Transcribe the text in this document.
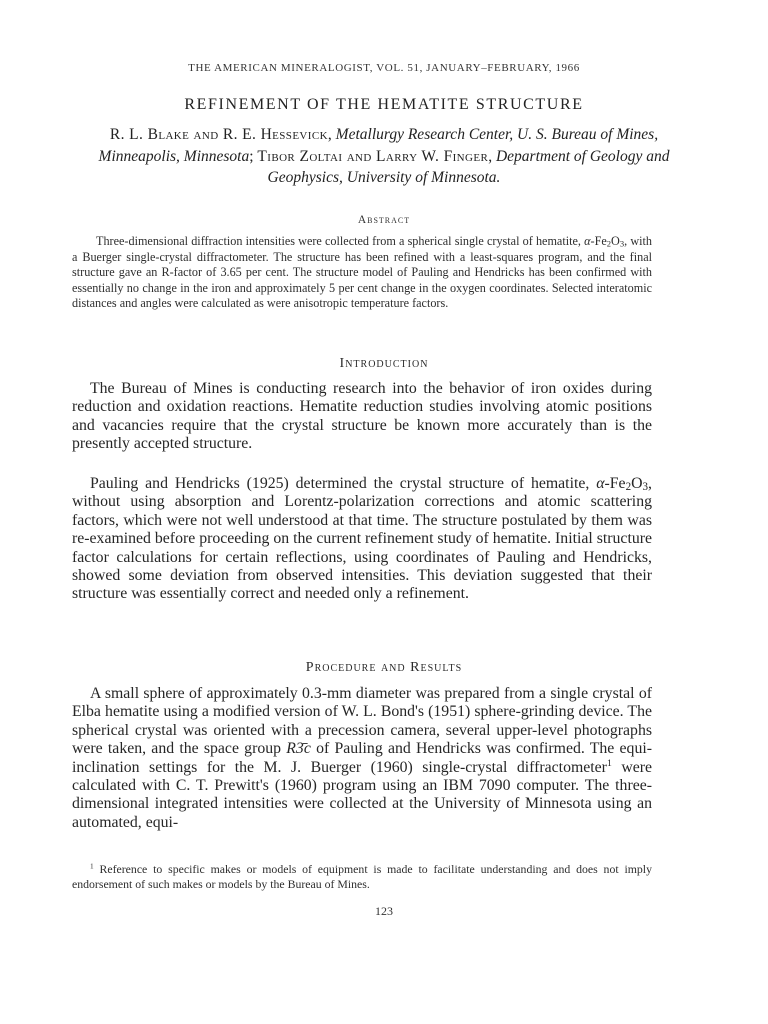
THE AMERICAN MINERALOGIST, VOL. 51, JANUARY–FEBRUARY, 1966
REFINEMENT OF THE HEMATITE STRUCTURE
R. L. Blake and R. E. Hessevick, Metallurgy Research Center, U. S. Bureau of Mines, Minneapolis, Minnesota; Tibor Zoltai and Larry W. Finger, Department of Geology and Geophysics, University of Minnesota.
Abstract
Three-dimensional diffraction intensities were collected from a spherical single crystal of hematite, $\alpha-Fe_2O_3$, with a Buerger single-crystal diffractometer. The structure has been refined with a least-squares program, and the final structure gave an R-factor of 3.65 per cent. The structure model of Pauling and Hendricks has been confirmed with essentially no change in the iron and approximately 5 per cent change in the oxygen coordinates. Selected interatomic distances and angles were calculated as were anisotropic temperature factors.
Introduction
The Bureau of Mines is conducting research into the behavior of iron oxides during reduction and oxidation reactions. Hematite reduction studies involving atomic positions and vacancies require that the crystal structure be known more accurately than is the presently accepted structure.
Pauling and Hendricks (1925) determined the crystal structure of hematite, $\alpha-Fe_2O_3$, without using absorption and Lorentz-polarization corrections and atomic scattering factors, which were not well understood at that time. The structure postulated by them was re-examined before proceeding on the current refinement study of hematite. Initial structure factor calculations for certain reflections, using coordinates of Pauling and Hendricks, showed some deviation from observed intensities. This deviation suggested that their structure was essentially correct and needed only a refinement.
Procedure and Results
A small sphere of approximately 0.3-mm diameter was prepared from a single crystal of Elba hematite using a modified version of W. L. Bond's (1951) sphere-grinding device. The spherical crystal was oriented with a precession camera, several upper-level photographs were taken, and the space group R3̄c of Pauling and Hendricks was confirmed. The equi-inclination settings for the M. J. Buerger (1960) single-crystal diffractometer$^1$ were calculated with C. T. Prewitt's (1960) program using an IBM 7090 computer. The three-dimensional integrated intensities were collected at the University of Minnesota using an automated, equi-
$^1$ Reference to specific makes or models of equipment is made to facilitate understanding and does not imply endorsement of such makes or models by the Bureau of Mines.
123
